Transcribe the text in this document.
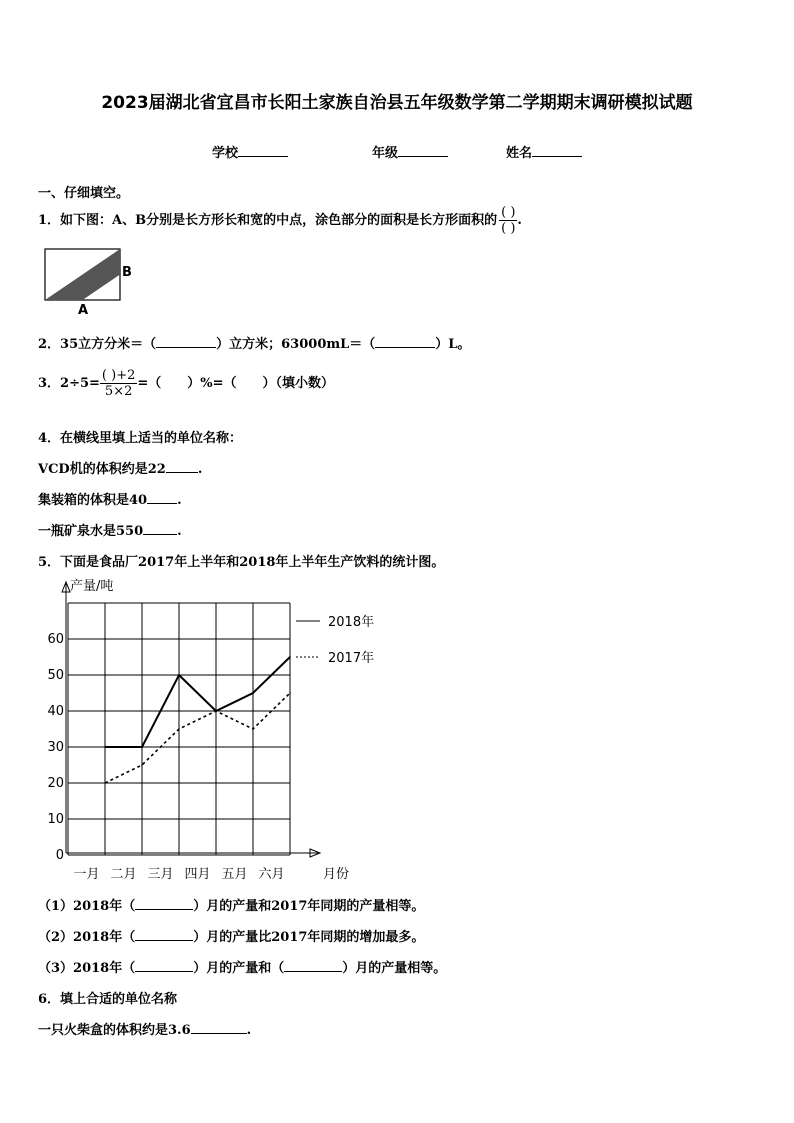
2023届湖北省宜昌市长阳土家族自治县五年级数学第二学期期末调研模拟试题
学校	年级	姓名
一、仔细填空。
1．如下图：A、B分别是长方形长和宽的中点，涂色部分的面积是长方形面积的 $\frac{( )}{( )}$ .
B
A
2．35立方分米＝（	）立方米；63000mL＝（	）L。
3．$2\div 5= \frac{( )+2}{5\times 2}$ =（　　）%=（　　）（填小数）
4．在横线里填上适当的单位名称：
VCD机的体积约是22 .
集装箱的体积是40 .
一瓶矿泉水是550	.
5．下面是食品厂2017年上半年和2018年上半年生产饮料的统计图。
产量/吨
月份
0
10
20
30
40
50
60
一月 二月 三月 四月 五月 六月
2018年
2017年
（1）2018年（	）月的产量和2017年同期的产量相等。
（2）2018年（	）月的产量比2017年同期的增加最多。
（3）2018年（	）月的产量和（	）月的产量相等。
6．填上合适的单位名称
一只火柴盒的体积约是3.6	.
